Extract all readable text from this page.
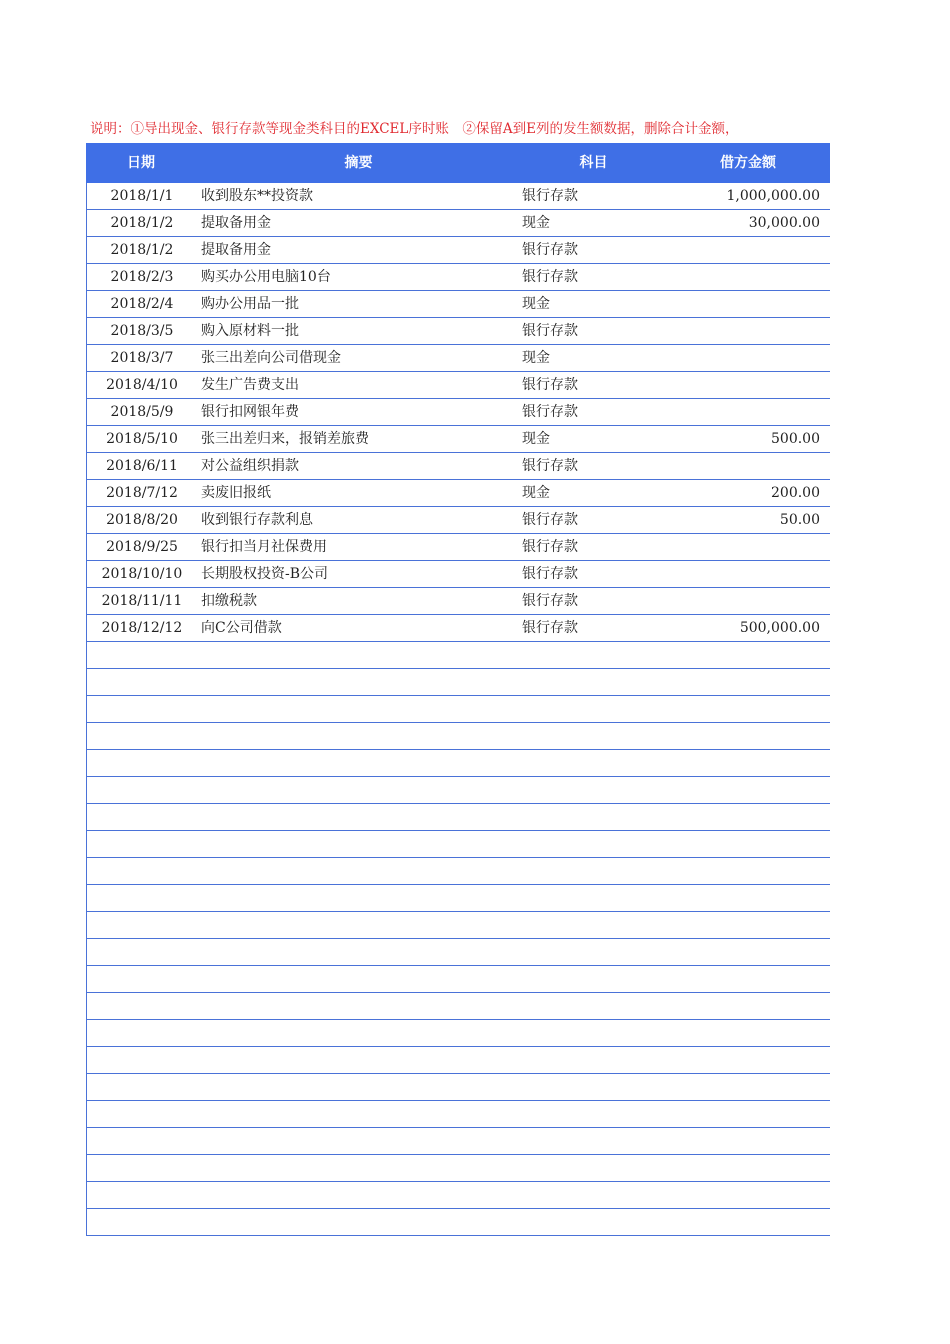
说明：①导出现金、银行存款等现金类科目的EXCEL序时账　②保留A到E列的发生额数据，删除合计金额，
日期	摘要	科目	借方金额
2018/1/1	收到股东**投资款	银行存款	1,000,000.00
2018/1/2	提取备用金	现金	30,000.00
2018/1/2	提取备用金	银行存款
2018/2/3	购买办公用电脑10台	银行存款
2018/2/4	购办公用品一批	现金
2018/3/5	购入原材料一批	银行存款
2018/3/7	张三出差向公司借现金	现金
2018/4/10	发生广告费支出	银行存款
2018/5/9	银行扣网银年费	银行存款
2018/5/10	张三出差归来，报销差旅费	现金	500.00
2018/6/11	对公益组织捐款	银行存款
2018/7/12	卖废旧报纸	现金	200.00
2018/8/20	收到银行存款利息	银行存款	50.00
2018/9/25	银行扣当月社保费用	银行存款
2018/10/10	长期股权投资-B公司	银行存款
2018/11/11	扣缴税款	银行存款
2018/12/12	向C公司借款	银行存款	500,000.00
